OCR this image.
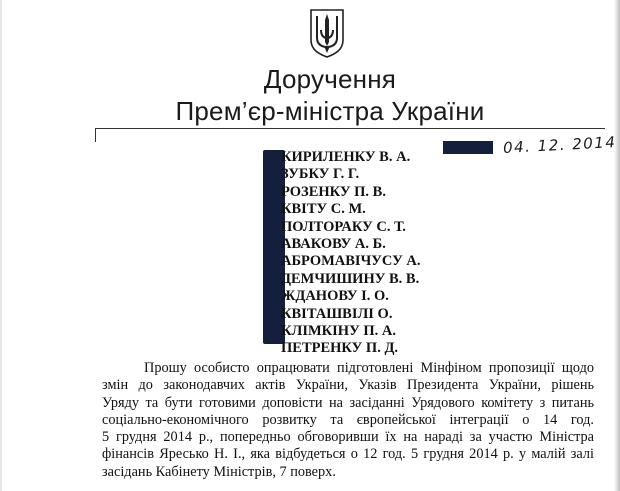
Доручення
Прем’єр-міністра України
04. 12. 2014
КИРИЛЕНКУ В. А.
ЗУБКУ Г. Г.
РОЗЕНКУ П. В.
КВІТУ С. М.
ПОЛТОРАКУ С. Т.
АВАКОВУ А. Б.
АБРОМАВІЧУСУ А.
ДЕМЧИШИНУ В. В.
ЖДАНОВУ І. О.
КВІТАШВІЛІ О.
КЛІМКІНУ П. А.
ПЕТРЕНКУ П. Д.
Прошу особисто опрацювати підготовлені Мінфіном пропозиції щодо
змін до законодавчих актів України, Указів Президента України, рішень
Уряду та бути готовими доповісти на засіданні Урядового комітету з питань
соціально-економічного розвитку та європейської інтеграції о 14 год.
5 грудня 2014 р., попередньо обговоривши їх на нараді за участю Міністра
фінансів Яресько Н. І., яка відбудеться о 12 год. 5 грудня 2014 р. у малій залі
засідань Кабінету Міністрів, 7 поверх.
